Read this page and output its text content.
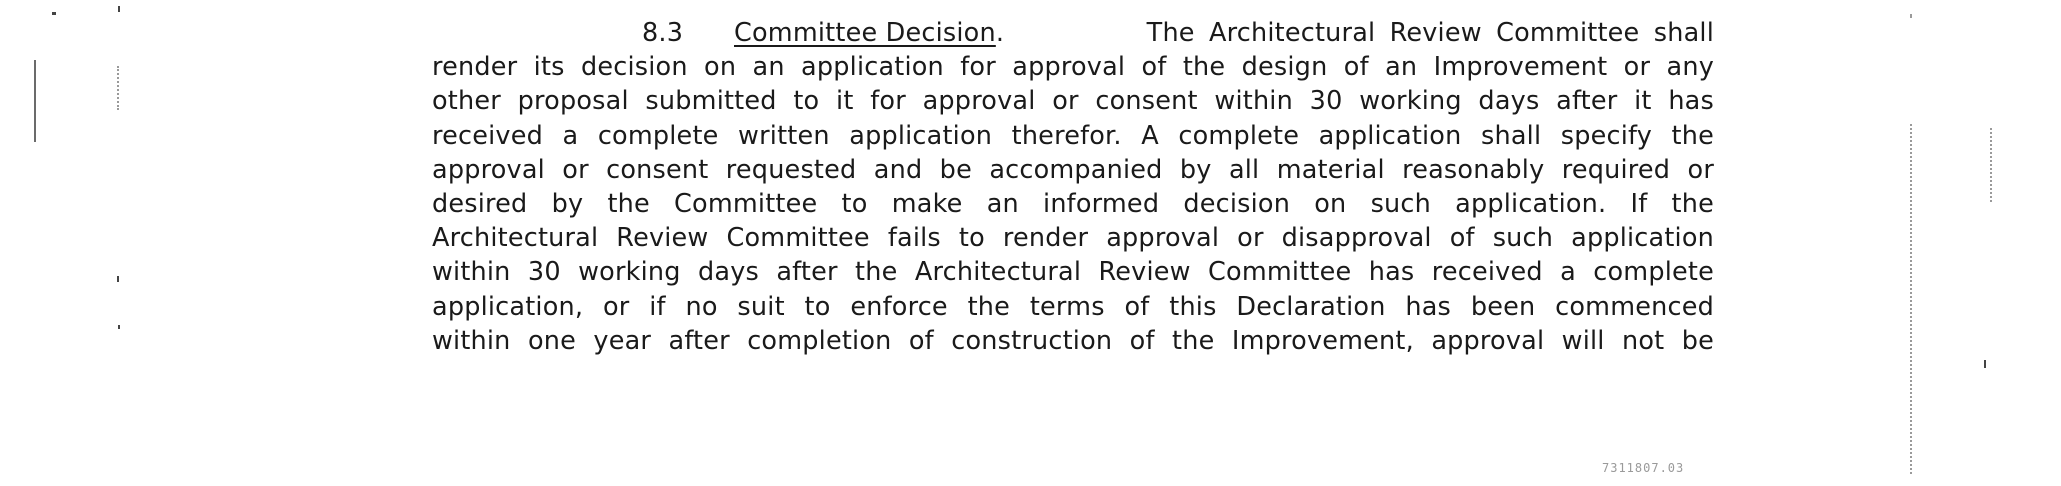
8.3 Committee Decision.	The Architectural Review Committee shall
render its decision on an application for approval of the design of an Improvement or any
other proposal submitted to it for approval or consent within 30 working days after it has
received a complete written application therefor. A complete application shall specify the
approval or consent requested and be accompanied by all material reasonably required or
desired by the Committee to make an informed decision on such application. If the
Architectural Review Committee fails to render approval or disapproval of such application
within 30 working days after the Architectural Review Committee has received a complete
application, or if no suit to enforce the terms of this Declaration has been commenced
within one year after completion of construction of the Improvement, approval will not be
7311807.03
